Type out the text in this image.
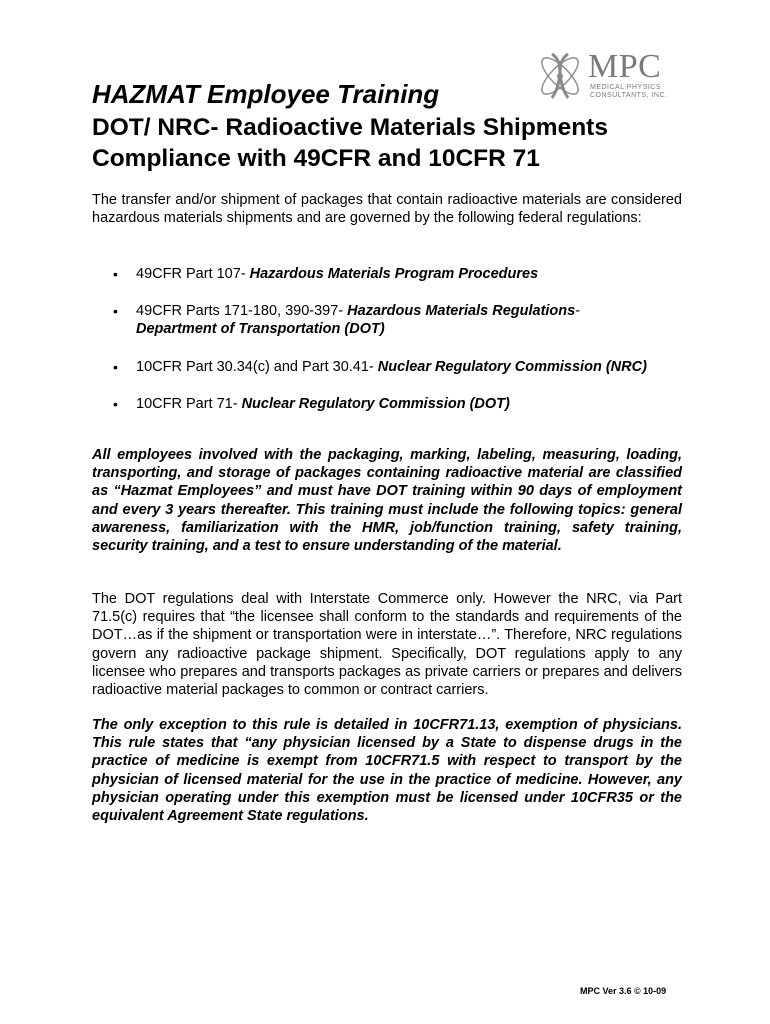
MPC
MEDICAL PHYSICS
CONSULTANTS, INC.
HAZMAT Employee Training
DOT/ NRC- Radioactive Materials Shipments
Compliance with 49CFR and 10CFR 71

The transfer and/or shipment of packages that contain radioactive materials are considered hazardous materials shipments and are governed by the following federal regulations:

• 49CFR Part 107- Hazardous Materials Program Procedures
• 49CFR Parts 171-180, 390-397- Hazardous Materials Regulations-
Department of Transportation (DOT)
• 10CFR Part 30.34(c) and Part 30.41- Nuclear Regulatory Commission (NRC)
• 10CFR Part 71- Nuclear Regulatory Commission (DOT)

All employees involved with the packaging, marking, labeling, measuring, loading, transporting, and storage of packages containing radioactive material are classified as “Hazmat Employees” and must have DOT training within 90 days of employment and every 3 years thereafter. This training must include the following topics: general awareness, familiarization with the HMR, job/function training, safety training, security training, and a test to ensure understanding of the material.

The DOT regulations deal with Interstate Commerce only. However the NRC, via Part 71.5(c) requires that “the licensee shall conform to the standards and requirements of the DOT…as if the shipment or transportation were in interstate…”. Therefore, NRC regulations govern any radioactive package shipment. Specifically, DOT regulations apply to any licensee who prepares and transports packages as private carriers or prepares and delivers radioactive material packages to common or contract carriers.

The only exception to this rule is detailed in 10CFR71.13, exemption of physicians. This rule states that “any physician licensed by a State to dispense drugs in the practice of medicine is exempt from 10CFR71.5 with respect to transport by the physician of licensed material for the use in the practice of medicine. However, any physician operating under this exemption must be licensed under 10CFR35 or the equivalent Agreement State regulations.

MPC Ver 3.6 © 10-09
